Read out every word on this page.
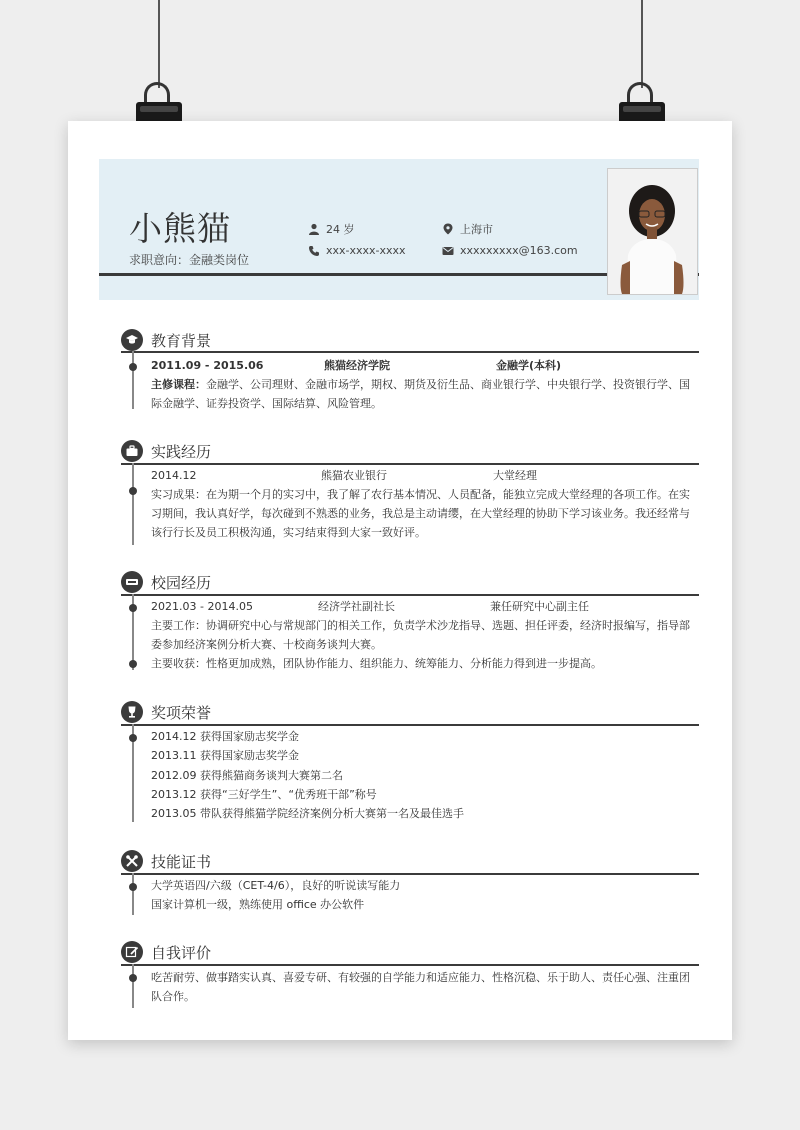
小熊猫
求职意向：金融类岗位
24 岁	上海市
xxx-xxxx-xxxx	xxxxxxxxx@163.com
教育背景
2011.09 - 2015.06	熊猫经济学院	金融学(本科)
主修课程：金融学、公司理财、金融市场学，期权、期货及衍生品、商业银行学、中央银行学、投资银行学、国
际金融学、证券投资学、国际结算、风险管理。
实践经历
2014.12	熊猫农业银行	大堂经理
实习成果：在为期一个月的实习中，我了解了农行基本情况、人员配备，能独立完成大堂经理的各项工作。在实
习期间，我认真好学，每次碰到不熟悉的业务，我总是主动请缨，在大堂经理的协助下学习该业务。我还经常与
该行行长及员工积极沟通，实习结束得到大家一致好评。
校园经历
2021.03 - 2014.05	经济学社副社长	兼任研究中心副主任
主要工作：协调研究中心与常规部门的相关工作，负责学术沙龙指导、选题、担任评委，经济时报编写，指导部
委参加经济案例分析大赛、十校商务谈判大赛。
主要收获：性格更加成熟，团队协作能力、组织能力、统筹能力、分析能力得到进一步提高。
奖项荣誉
2014.12 获得国家励志奖学金
2013.11 获得国家励志奖学金
2012.09 获得熊猫商务谈判大赛第二名
2013.12 获得“三好学生”、“优秀班干部”称号
2013.05 带队获得熊猫学院经济案例分析大赛第一名及最佳选手
技能证书
大学英语四/六级（CET-4/6），良好的听说读写能力
国家计算机一级，熟练使用 office 办公软件
自我评价
吃苦耐劳、做事踏实认真、喜爱专研、有较强的自学能力和适应能力、性格沉稳、乐于助人、责任心强、注重团
队合作。
